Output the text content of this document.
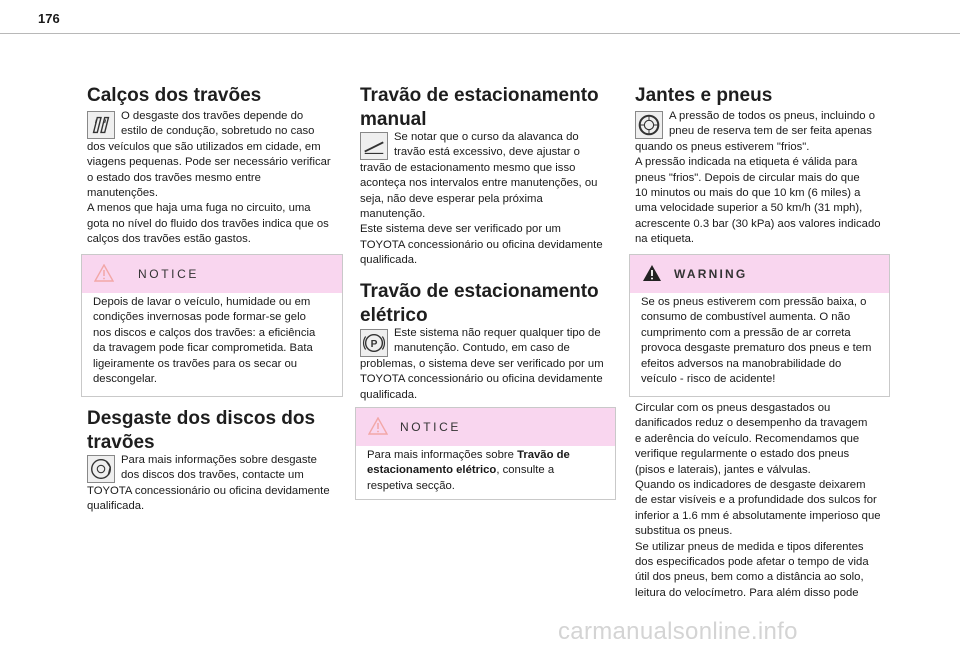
176
Calços dos travões
O desgaste dos travões depende do
estilo de condução, sobretudo no caso
dos veículos que são utilizados em cidade, em
viagens pequenas. Pode ser necessário verificar
o estado dos travões mesmo entre
manutenções.
A menos que haja uma fuga no circuito, uma
gota no nível do fluido dos travões indica que os
calços dos travões estão gastos.
NOTICE
Depois de lavar o veículo, humidade ou em
condições invernosas pode formar-se gelo
nos discos e calços dos travões: a eficiência
da travagem pode ficar comprometida. Bata
ligeiramente os travões para os secar ou
descongelar.
Desgaste dos discos dos
travões
Para mais informações sobre desgaste
dos discos dos travões, contacte um
TOYOTA concessionário ou oficina devidamente
qualificada.
Travão de estacionamento
manual
Se notar que o curso da alavanca do
travão está excessivo, deve ajustar o
travão de estacionamento mesmo que isso
aconteça nos intervalos entre manutenções, ou
seja, não deve esperar pela próxima
manutenção.
Este sistema deve ser verificado por um
TOYOTA concessionário ou oficina devidamente
qualificada.
Travão de estacionamento
elétrico
P
Este sistema não requer qualquer tipo de
manutenção. Contudo, em caso de
problemas, o sistema deve ser verificado por um
TOYOTA concessionário ou oficina devidamente
qualificada.
NOTICE
Para mais informações sobre Travão de
estacionamento elétrico, consulte a
respetiva secção.
Jantes e pneus
A pressão de todos os pneus, incluindo o
pneu de reserva tem de ser feita apenas
quando os pneus estiverem "frios".
A pressão indicada na etiqueta é válida para
pneus "frios". Depois de circular mais do que
10 minutos ou mais do que 10 km (6 miles) a
uma velocidade superior a 50 km/h (31 mph),
acrescente 0.3 bar (30 kPa) aos valores indicado
na etiqueta.
WARNING
Se os pneus estiverem com pressão baixa, o
consumo de combustível aumenta. O não
cumprimento com a pressão de ar correta
provoca desgaste prematuro dos pneus e tem
efeitos adversos na manobrabilidade do
veículo - risco de acidente!
Circular com os pneus desgastados ou
danificados reduz o desempenho da travagem
e aderência do veículo. Recomendamos que
verifique regularmente o estado dos pneus
(pisos e laterais), jantes e válvulas.
Quando os indicadores de desgaste deixarem
de estar visíveis e a profundidade dos sulcos for
inferior a 1.6 mm é absolutamente imperioso que
substitua os pneus.
Se utilizar pneus de medida e tipos diferentes
dos especificados pode afetar o tempo de vida
útil dos pneus, bem como a distância ao solo,
leitura do velocímetro. Para além disso pode
carmanualsonline.info
